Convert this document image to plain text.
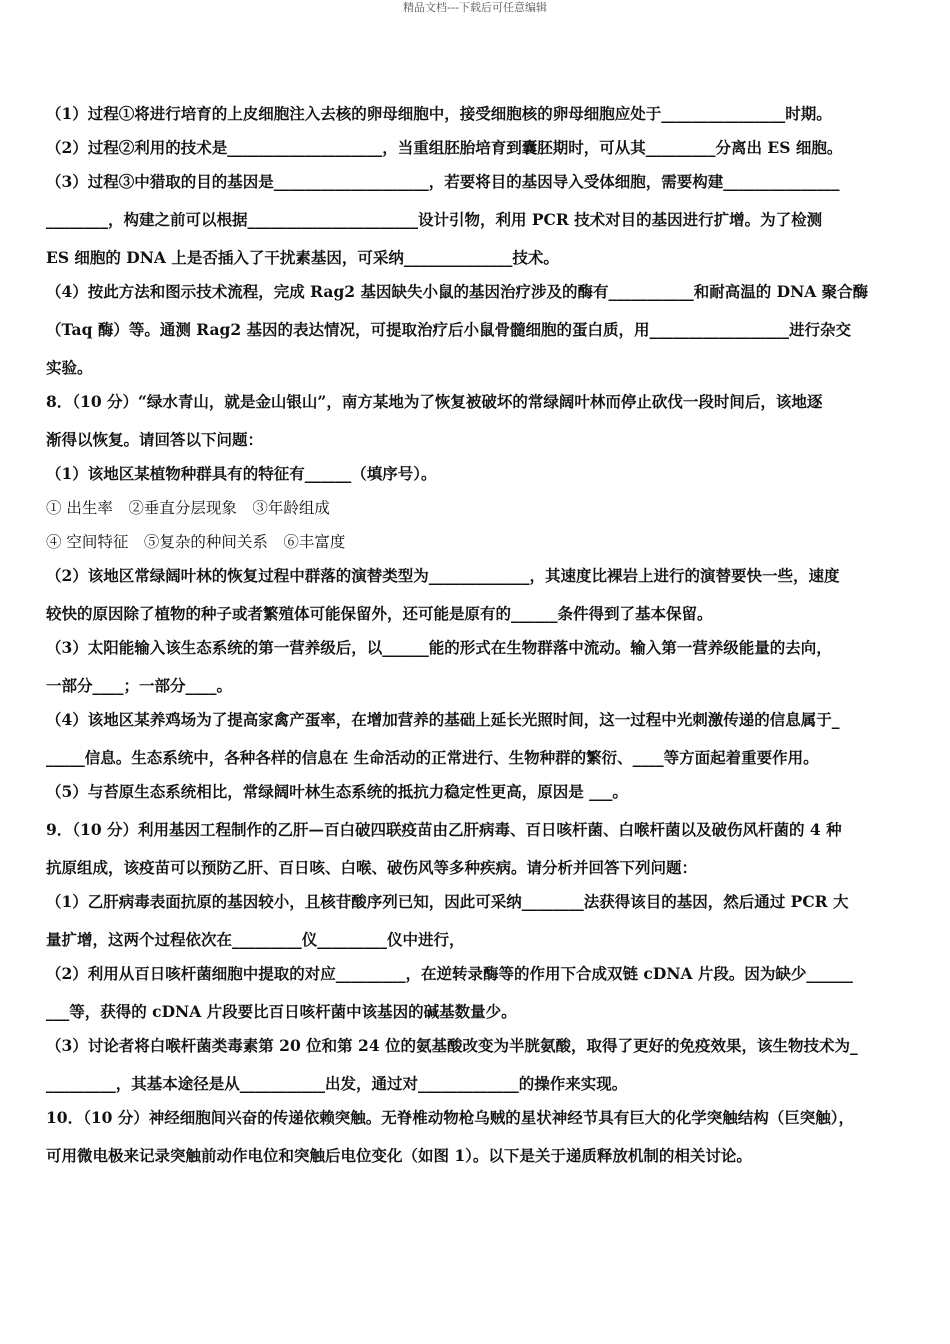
精品文档---下载后可任意编辑
（1）过程①将进行培育的上皮细胞注入去核的卵母细胞中，接受细胞核的卵母细胞应处于________________时期。
（2）过程②利用的技术是____________________，当重组胚胎培育到囊胚期时，可从其_________分离出 ES 细胞。
（3）过程③中猎取的目的基因是____________________，若要将目的基因导入受体细胞，需要构建_______________
________，构建之前可以根据______________________设计引物，利用 PCR 技术对目的基因进行扩增。为了检测
ES 细胞的 DNA 上是否插入了干扰素基因，可采纳______________技术。
（4）按此方法和图示技术流程，完成 Rag2 基因缺失小鼠的基因治疗涉及的酶有___________和耐高温的 DNA 聚合酶
（Taq 酶）等。通测 Rag2 基因的表达情况，可提取治疗后小鼠骨髓细胞的蛋白质，用__________________进行杂交
实验。
8．（10 分）“绿水青山，就是金山银山”，南方某地为了恢复被破坏的常绿阔叶林而停止砍伐一段时间后，该地逐
渐得以恢复。请回答以下问题：
（1）该地区某植物种群具有的特征有______（填序号）。
① 出生率　②垂直分层现象　③年龄组成
④ 空间特征　⑤复杂的种间关系　⑥丰富度
（2）该地区常绿阔叶林的恢复过程中群落的演替类型为_____________，其速度比裸岩上进行的演替要快一些，速度
较快的原因除了植物的种子或者繁殖体可能保留外，还可能是原有的______条件得到了基本保留。
（3）太阳能输入该生态系统的第一营养级后，以______能的形式在生物群落中流动。输入第一营养级能量的去向，
一部分____；一部分____。
（4）该地区某养鸡场为了提高家禽产蛋率，在增加营养的基础上延长光照时间，这一过程中光刺激传递的信息属于_
_____信息。生态系统中，各种各样的信息在 生命活动的正常进行、生物种群的繁衍、____等方面起着重要作用。
（5）与苔原生态系统相比，常绿阔叶林生态系统的抵抗力稳定性更高，原因是 ___。
9．（10 分）利用基因工程制作的乙肝—百白破四联疫苗由乙肝病毒、百日咳杆菌、白喉杆菌以及破伤风杆菌的 4 种
抗原组成，该疫苗可以预防乙肝、百日咳、白喉、破伤风等多种疾病。请分析并回答下列问题：
（1）乙肝病毒表面抗原的基因较小，且核苷酸序列已知，因此可采纳________法获得该目的基因，然后通过 PCR 大
量扩增，这两个过程依次在_________仪_________仪中进行，
（2）利用从百日咳杆菌细胞中提取的对应_________，在逆转录酶等的作用下合成双链 cDNA 片段。因为缺少______
___等，获得的 cDNA 片段要比百日咳杆菌中该基因的碱基数量少。
（3）讨论者将白喉杆菌类毒素第 20 位和第 24 位的氨基酸改变为半胱氨酸，取得了更好的免疫效果，该生物技术为_
_________，其基本途径是从___________出发，通过对_____________的操作来实现。
10．（10 分）神经细胞间兴奋的传递依赖突触。无脊椎动物枪乌贼的星状神经节具有巨大的化学突触结构（巨突触），
可用微电极来记录突触前动作电位和突触后电位变化（如图 1）。以下是关于递质释放机制的相关讨论。
